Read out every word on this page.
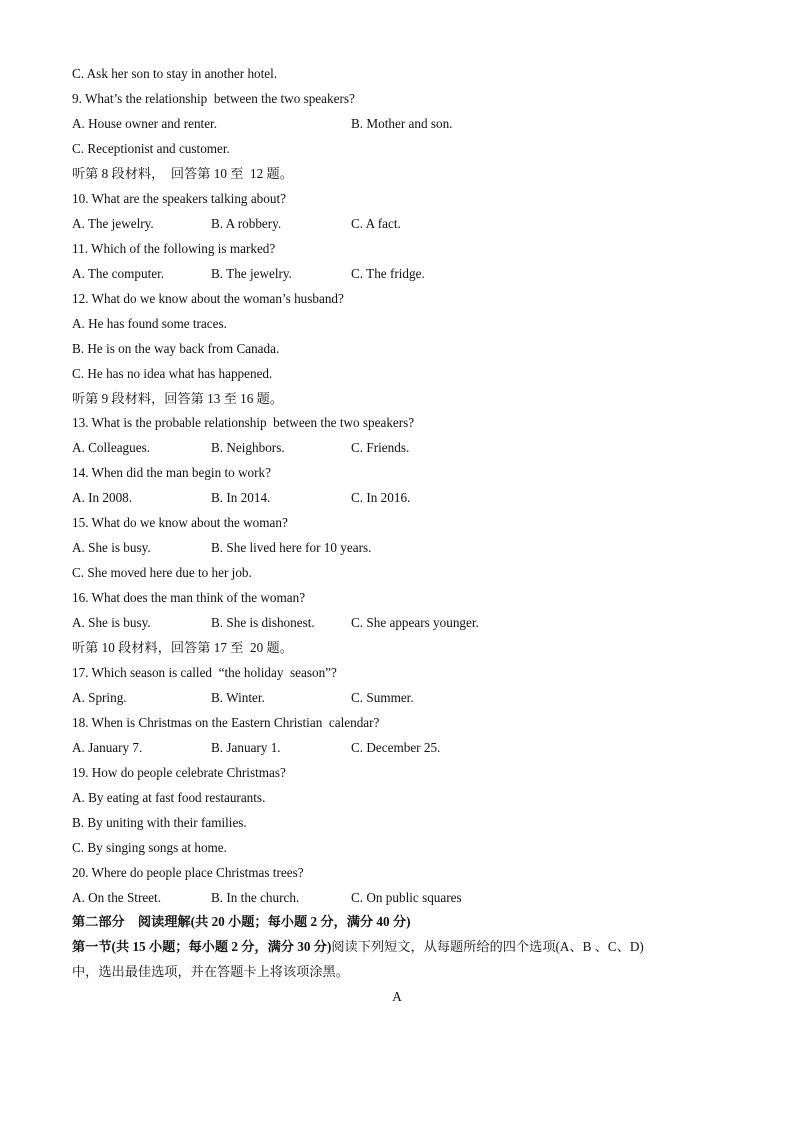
C. Ask her son to stay in another hotel.
9. What’s the relationship  between the two speakers?
A. House owner and renter.	B. Mother and son.
C. Receptionist and customer.
听第 8 段材料，  回答第 10 至  12 题。
10. What are the speakers talking about?
A. The jewelry.	B. A robbery.	C. A fact.
11. Which of the following is marked?
A. The computer.	B. The jewelry.	C. The fridge.
12. What do we know about the woman’s husband?
A. He has found some traces.
B. He is on the way back from Canada.
C. He has no idea what has happened.
听第 9 段材料，回答第 13 至 16 题。
13. What is the probable relationship  between the two speakers?
A. Colleagues.	B. Neighbors.	C. Friends.
14. When did the man begin to work?
A. In 2008.	B. In 2014.	C. In 2016.
15. What do we know about the woman?
A. She is busy.	B. She lived here for 10 years.
C. She moved here due to her job.
16. What does the man think of the woman?
A. She is busy.	B. She is dishonest.	C. She appears younger.
听第 10 段材料，回答第 17 至  20 题。
17. Which season is called  “the holiday  season”?
A. Spring.	B. Winter.	C. Summer.
18. When is Christmas on the Eastern Christian  calendar?
A. January 7.	B. January 1.	C. December 25.
19. How do people celebrate Christmas?
A. By eating at fast food restaurants.
B. By uniting with their families.
C. By singing songs at home.
20. Where do people place Christmas trees?
A. On the Street.	B. In the church.	C. On public squares
第二部分    阅读理解(共 20 小题；每小题 2 分，满分 40 分)
第一节(共 15 小题；每小题 2 分，满分 30 分)阅读下列短文，从每题所给的四个选项(A、B 、C、D)
中，选出最佳选项，并在答题卡上将该项涂黑。
A
